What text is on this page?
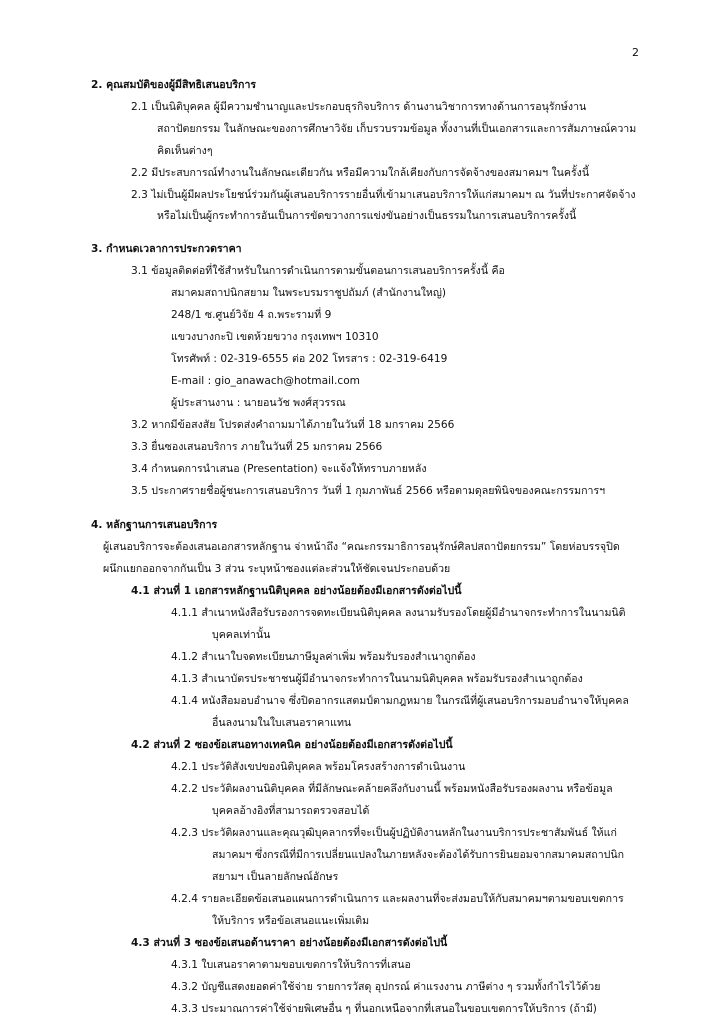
2
2. คุณสมบัติของผู้มีสิทธิเสนอบริการ
2.1 เป็นนิติบุคคล ผู้มีความชำนาญและประกอบธุรกิจบริการ ด้านงานวิชาการทางด้านการอนุรักษ์งาน
สถาปัตยกรรม ในลักษณะของการศึกษาวิจัย เก็บรวบรวมข้อมูล ทั้งงานที่เป็นเอกสารและการสัมภาษณ์ความ
คิดเห็นต่างๆ
2.2 มีประสบการณ์ทำงานในลักษณะเดียวกัน หรือมีความใกล้เคียงกับการจัดจ้างของสมาคมฯ ในครั้งนี้
2.3 ไม่เป็นผู้มีผลประโยชน์ร่วมกันผู้เสนอบริการรายอื่นที่เข้ามาเสนอบริการให้แก่สมาคมฯ ณ วันที่ประกาศจัดจ้าง
หรือไม่เป็นผู้กระทำการอันเป็นการขัดขวางการแข่งขันอย่างเป็นธรรมในการเสนอบริการครั้งนี้
3. กำหนดเวลาการประกวดราคา
3.1 ข้อมูลติดต่อที่ใช้สำหรับในการดำเนินการตามขั้นตอนการเสนอบริการครั้งนี้ คือ
สมาคมสถาปนิกสยาม ในพระบรมราชูปถัมภ์ (สำนักงานใหญ่)
248/1 ซ.ศูนย์วิจัย 4 ถ.พระรามที่ 9
แขวงบางกะปิ เขตห้วยขวาง กรุงเทพฯ 10310
โทรศัพท์ : 02-319-6555 ต่อ 202 โทรสาร : 02-319-6419
E-mail : gio_anawach@hotmail.com
ผู้ประสานงาน : นายอนวัช พงศ์สุวรรณ
3.2 หากมีข้อสงสัย โปรดส่งคำถามมาได้ภายในวันที่ 18 มกราคม 2566
3.3 ยื่นซองเสนอบริการ ภายในวันที่ 25 มกราคม 2566
3.4 กำหนดการนำเสนอ (Presentation) จะแจ้งให้ทราบภายหลัง
3.5 ประกาศรายชื่อผู้ชนะการเสนอบริการ วันที่ 1 กุมภาพันธ์ 2566 หรือตามดุลยพินิจของคณะกรรมการฯ
4. หลักฐานการเสนอบริการ
ผู้เสนอบริการจะต้องเสนอเอกสารหลักฐาน จ่าหน้าถึง “คณะกรรมาธิการอนุรักษ์ศิลปสถาปัตยกรรม” โดยห่อบรรจุปิด
ผนึกแยกออกจากกันเป็น 3 ส่วน ระบุหน้าซองแต่ละส่วนให้ชัดเจนประกอบด้วย
4.1 ส่วนที่ 1 เอกสารหลักฐานนิติบุคคล อย่างน้อยต้องมีเอกสารดังต่อไปนี้
4.1.1 สำเนาหนังสือรับรองการจดทะเบียนนิติบุคคล ลงนามรับรองโดยผู้มีอำนาจกระทำการในนามนิติ
บุคคลเท่านั้น
4.1.2 สำเนาใบจดทะเบียนภาษีมูลค่าเพิ่ม พร้อมรับรองสำเนาถูกต้อง
4.1.3 สำเนาบัตรประชาชนผู้มีอำนาจกระทำการในนามนิติบุคคล พร้อมรับรองสำเนาถูกต้อง
4.1.4 หนังสือมอบอำนาจ ซึ่งปิดอากรแสตมป์ตามกฎหมาย ในกรณีที่ผู้เสนอบริการมอบอำนาจให้บุคคล
อื่นลงนามในใบเสนอราคาแทน
4.2 ส่วนที่ 2 ซองข้อเสนอทางเทคนิค อย่างน้อยต้องมีเอกสารดังต่อไปนี้
4.2.1 ประวัติสังเขปของนิติบุคคล พร้อมโครงสร้างการดำเนินงาน
4.2.2 ประวัติผลงานนิติบุคคล ที่มีลักษณะคล้ายคลึงกับงานนี้ พร้อมหนังสือรับรองผลงาน หรือข้อมูล
บุคคลอ้างอิงที่สามารถตรวจสอบได้
4.2.3 ประวัติผลงานและคุณวุฒิบุคลากรที่จะเป็นผู้ปฏิบัติงานหลักในงานบริการประชาสัมพันธ์ ให้แก่
สมาคมฯ ซึ่งกรณีที่มีการเปลี่ยนแปลงในภายหลังจะต้องได้รับการยินยอมจากสมาคมสถาปนิก
สยามฯ เป็นลายลักษณ์อักษร
4.2.4 รายละเอียดข้อเสนอแผนการดำเนินการ และผลงานที่จะส่งมอบให้กับสมาคมฯตามขอบเขตการ
ให้บริการ หรือข้อเสนอแนะเพิ่มเติม
4.3 ส่วนที่ 3 ซองข้อเสนอด้านราคา อย่างน้อยต้องมีเอกสารดังต่อไปนี้
4.3.1 ใบเสนอราคาตามขอบเขตการให้บริการที่เสนอ
4.3.2 บัญชีแสดงยอดค่าใช้จ่าย รายการวัสดุ อุปกรณ์ ค่าแรงงาน ภาษีต่าง ๆ รวมทั้งกำไรไว้ด้วย
4.3.3 ประมาณการค่าใช้จ่ายพิเศษอื่น ๆ ที่นอกเหนือจากที่เสนอในขอบเขตการให้บริการ (ถ้ามี)
